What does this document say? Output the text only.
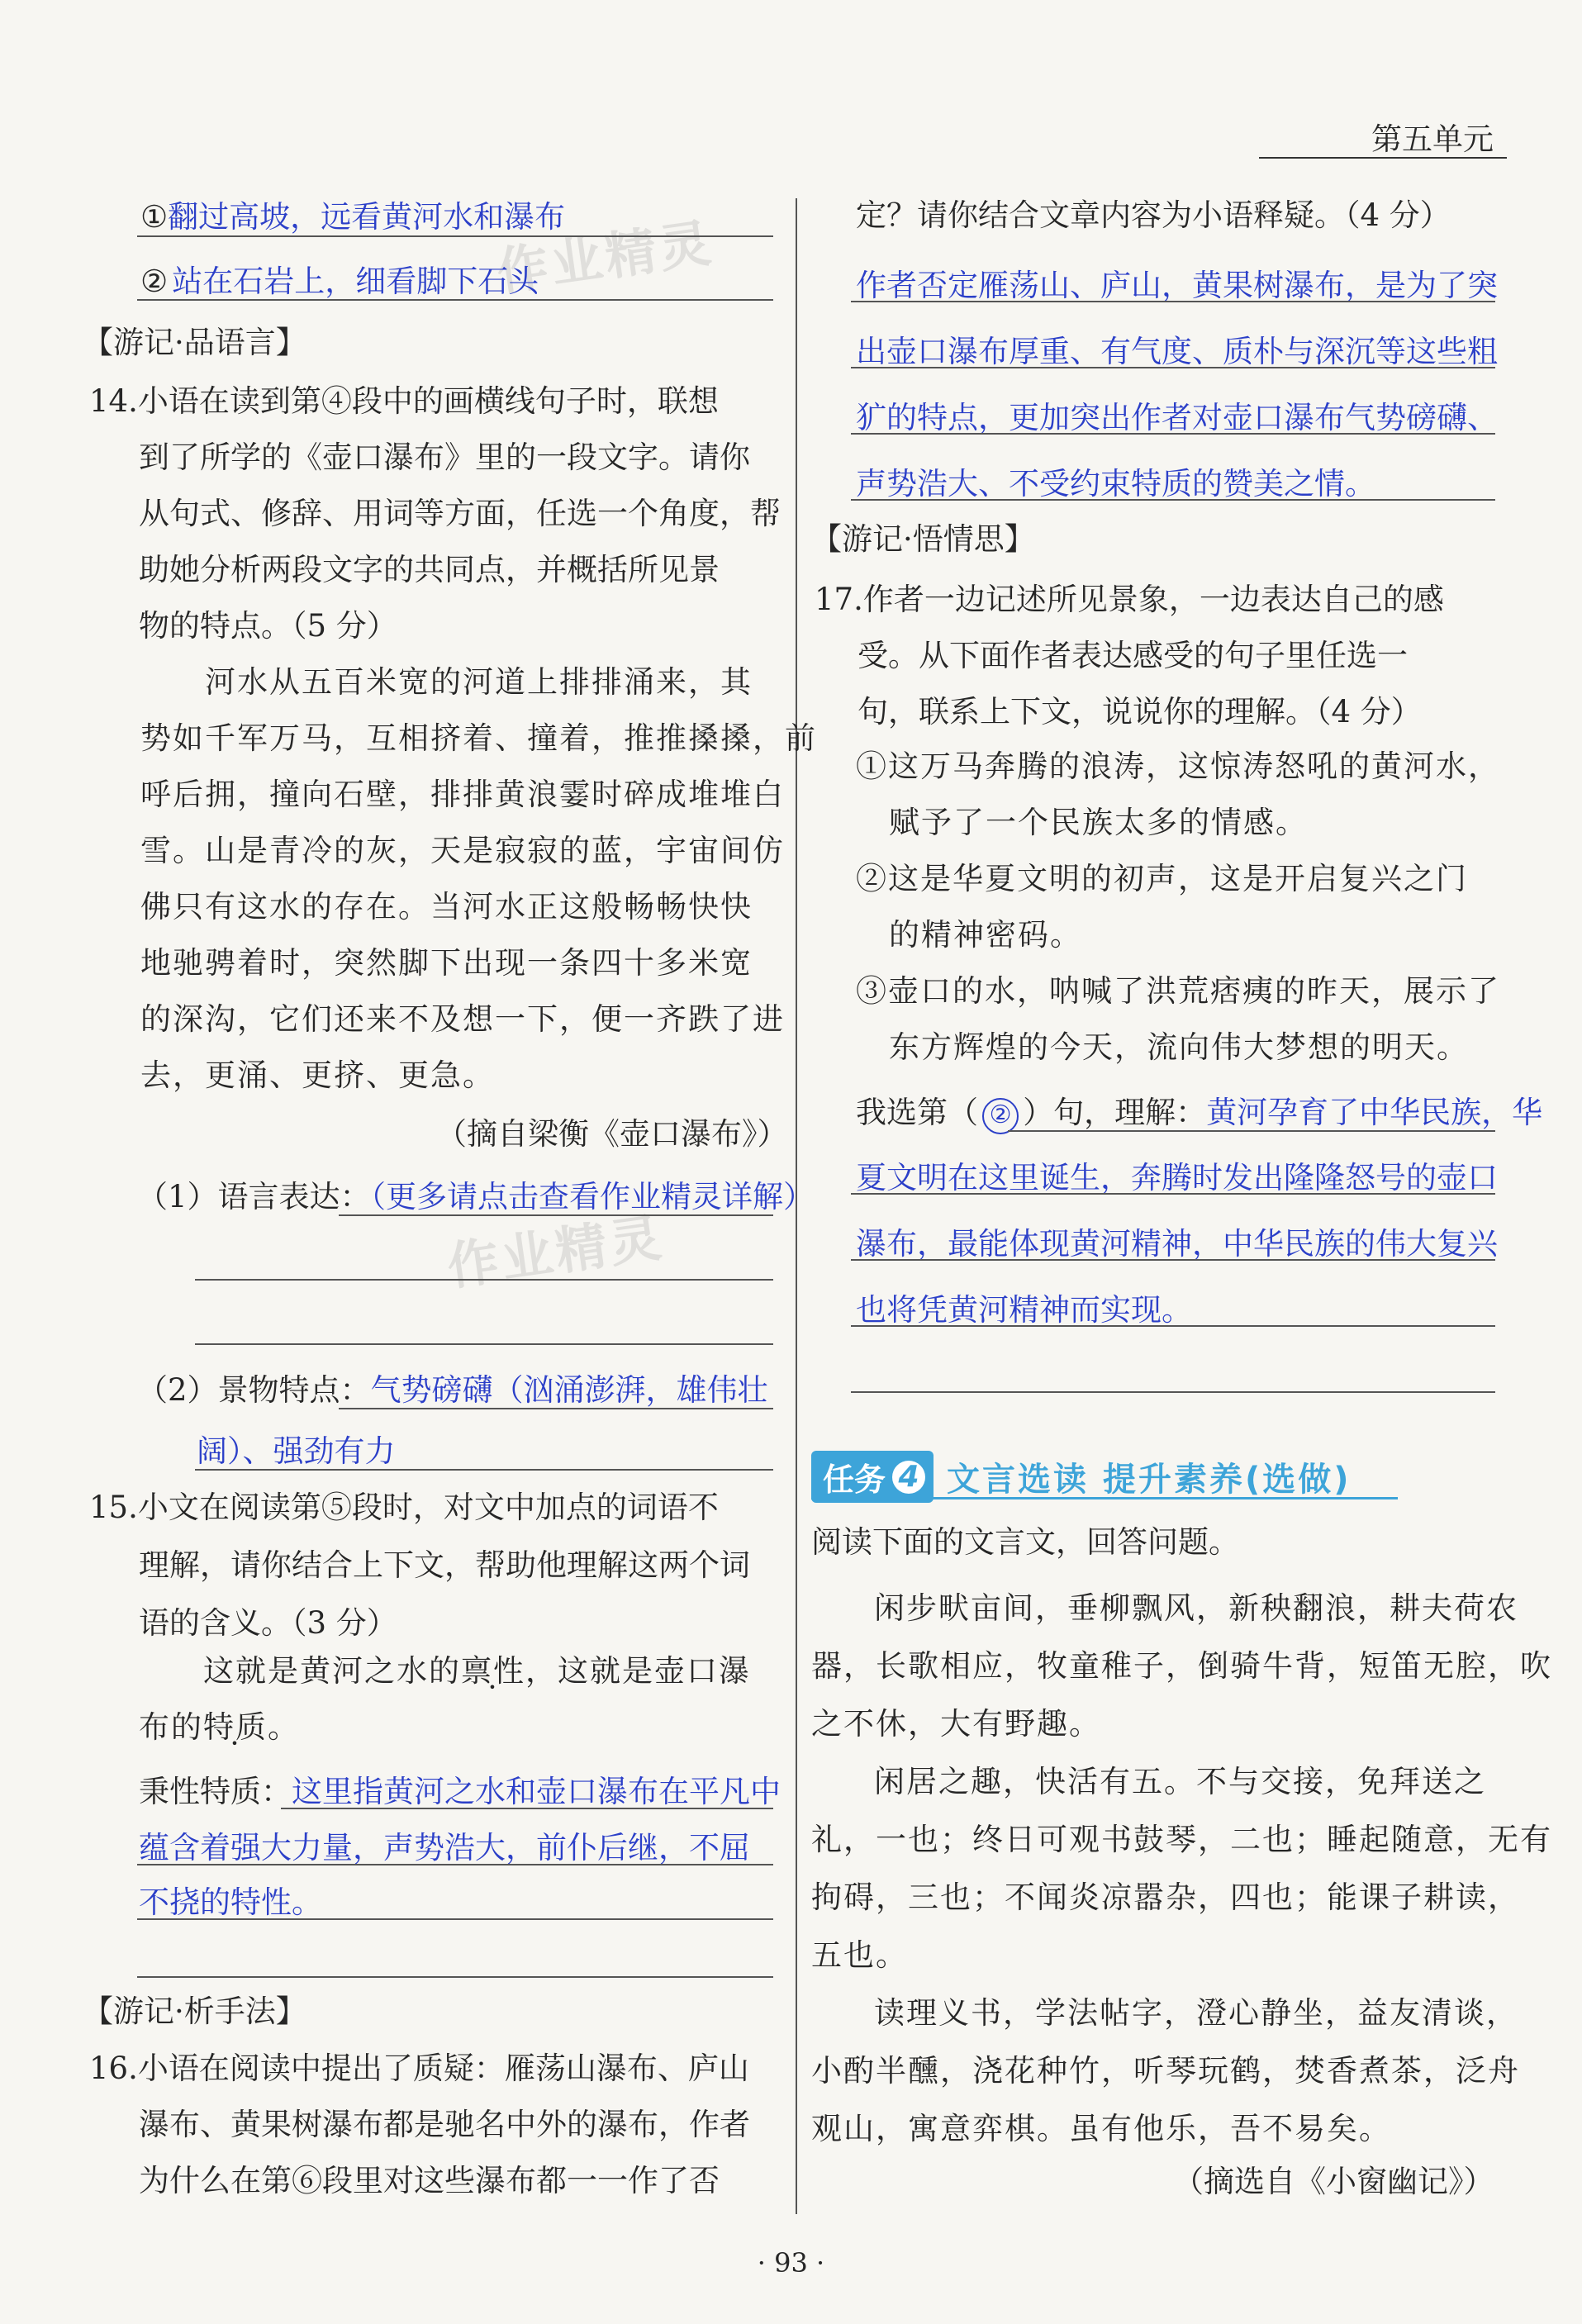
第五单元
作业精灵
作业精灵
①翻过高坡，远看黄河水和瀑布
② 站在石岩上，细看脚下石头
【游记·品语言】
14.小语在读到第④段中的画横线句子时，联想
到了所学的《壶口瀑布》里的一段文字。请你
从句式、修辞、用词等方面，任选一个角度，帮
助她分析两段文字的共同点，并概括所见景
物的特点。（5 分）
河水从五百米宽的河道上排排涌来，其
势如千军万马，互相挤着、撞着，推推搡搡，前
呼后拥，撞向石壁，排排黄浪霎时碎成堆堆白
雪。山是青冷的灰，天是寂寂的蓝，宇宙间仿
佛只有这水的存在。当河水正这般畅畅快快
地驰骋着时，突然脚下出现一条四十多米宽
的深沟，它们还来不及想一下，便一齐跌了进
去，更涌、更挤、更急。
（摘自梁衡《壶口瀑布》）
（1）语言表达：（更多请点击查看作业精灵详解）
（2）景物特点：气势磅礴（汹涌澎湃，雄伟壮
阔）、强劲有力
15.小文在阅读第⑤段时，对文中加点的词语不
理解，请你结合上下文，帮助他理解这两个词
语的含义。（3 分）
这就是黄河之水的禀性，这就是壶口瀑
布的特质。
秉性特质：这里指黄河之水和壶口瀑布在平凡中
蕴含着强大力量，声势浩大，前仆后继，不屈
不挠的特性。
【游记·析手法】
16.小语在阅读中提出了质疑：雁荡山瀑布、庐山
瀑布、黄果树瀑布都是驰名中外的瀑布，作者
为什么在第⑥段里对这些瀑布都一一作了否
定？请你结合文章内容为小语释疑。（4 分）
作者否定雁荡山、庐山，黄果树瀑布，是为了突
出壶口瀑布厚重、有气度、质朴与深沉等这些粗
犷的特点，更加突出作者对壶口瀑布气势磅礴、
声势浩大、不受约束特质的赞美之情。
【游记·悟情思】
17.作者一边记述所见景象，一边表达自己的感
受。从下面作者表达感受的句子里任选一
句，联系上下文，说说你的理解。（4 分）
①这万马奔腾的浪涛，这惊涛怒吼的黄河水，
赋予了一个民族太多的情感。
②这是华夏文明的初声，这是开启复兴之门
的精神密码。
③壶口的水，呐喊了洪荒痞痍的昨天，展示了
东方辉煌的今天，流向伟大梦想的明天。
我选第（ ② ）句，理解：黄河孕育了中华民族，华
夏文明在这里诞生，奔腾时发出隆隆怒号的壶口
瀑布，最能体现黄河精神，中华民族的伟大复兴
也将凭黄河精神而实现。
任务 4 文言选读 提升素养(选做)
阅读下面的文言文，回答问题。
闲步畎亩间，垂柳飘风，新秧翻浪，耕夫荷农
器，长歌相应，牧童稚子，倒骑牛背，短笛无腔，吹
之不休，大有野趣。
闲居之趣，快活有五。不与交接，免拜送之
礼，一也；终日可观书鼓琴，二也；睡起随意，无有
拘碍，三也；不闻炎凉嚣杂，四也；能课子耕读，
五也。
读理义书，学法帖字，澄心静坐，益友清谈，
小酌半醺，浇花种竹，听琴玩鹤，焚香煮茶，泛舟
观山，寓意弈棋。虽有他乐，吾不易矣。
（摘选自《小窗幽记》）
· 93 ·
